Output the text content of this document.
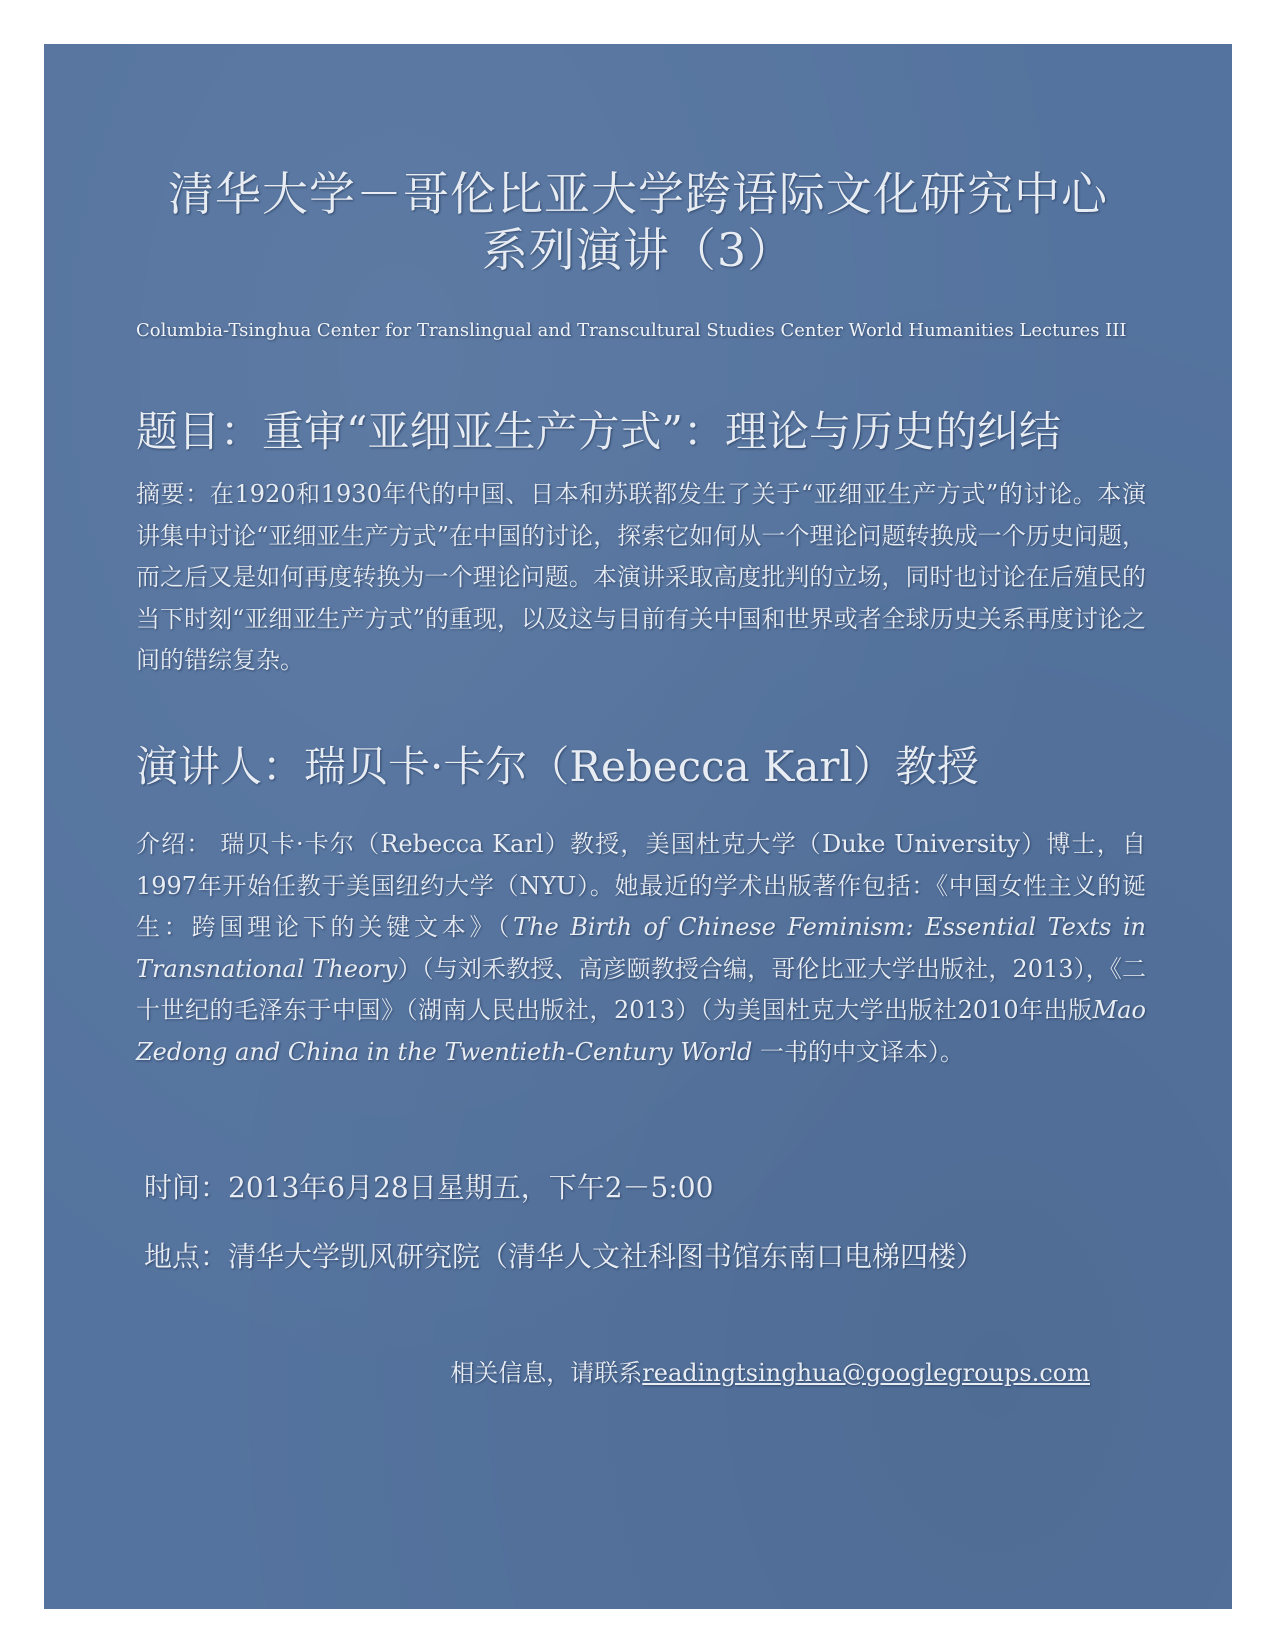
清华大学－哥伦比亚大学跨语际文化研究中心
系列演讲（3）
Columbia-Tsinghua Center for Translingual and Transcultural Studies Center World Humanities Lectures III
题目：重审“亚细亚生产方式”：理论与历史的纠结

摘要：在1920和1930年代的中国、日本和苏联都发生了关于“亚细亚生产方式”的讨论。本演讲集中讨论“亚细亚生产方式”在中国的讨论，探索它如何从一个理论问题转换成一个历史问题，而之后又是如何再度转换为一个理论问题。本演讲采取高度批判的立场，同时也讨论在后殖民的当下时刻“亚细亚生产方式”的重现，以及这与目前有关中国和世界或者全球历史关系再度讨论之间的错综复杂。

演讲人：瑞贝卡·卡尔（Rebecca Karl）教授

介绍： 瑞贝卡·卡尔（Rebecca Karl）教授，美国杜克大学（Duke University）博士，自1997年开始任教于美国纽约大学（NYU）。她最近的学术出版著作包括：《中国女性主义的诞生：跨国理论下的关键文本》（The Birth of Chinese Feminism: Essential Texts in Transnational Theory）（与刘禾教授、高彦颐教授合编，哥伦比亚大学出版社，2013），《二十世纪的毛泽东于中国》（湖南人民出版社，2013）（为美国杜克大学出版社2010年出版Mao Zedong and China in the Twentieth-Century World 一书的中文译本）。

时间：2013年6月28日星期五，下午2－5:00
地点：清华大学凯风研究院（清华人文社科图书馆东南口电梯四楼）
相关信息，请联系readingtsinghua@googlegroups.com
